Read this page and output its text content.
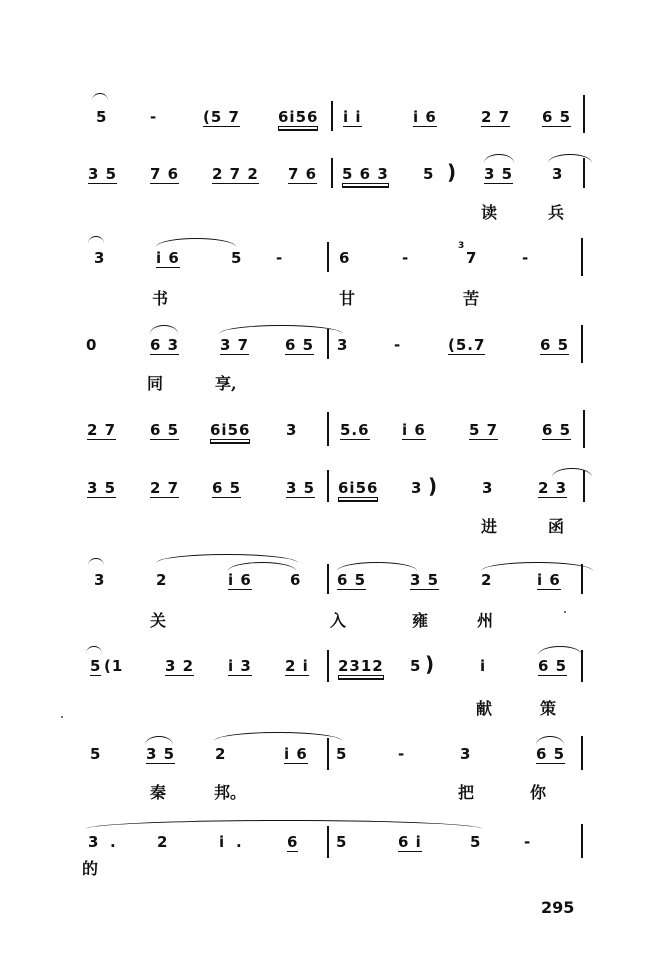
5	-	(5 7	6i56 i i	i 6	2 7 6 5
3 5 7 6 2 7 2 7 6 5 6 3 5 ) 3 5	3
读	兵
3	i 6	5 -	6	-
3
7	-
书	甘	苦
0	6 3	3 7 6 5 3	-	(5.7	6 5
同	享,
2 7 6 5 6i56 3	5.6 i 6	5 7	6 5
3 5 2 7 6 5	3 5 6i56 3 )	3	2 3
进	函
3	2	i 6	6 6 5	3 5	2	i 6
关	入	雍	州
5 (1	3 2 i 3 2 i 2312 5 )	i	6 5
献	策
5	3 5	2	i 6 5	-	3	6 5
秦	邦。	把	你
3 .	2	i .	6	5	6 i	5	-
的
295
